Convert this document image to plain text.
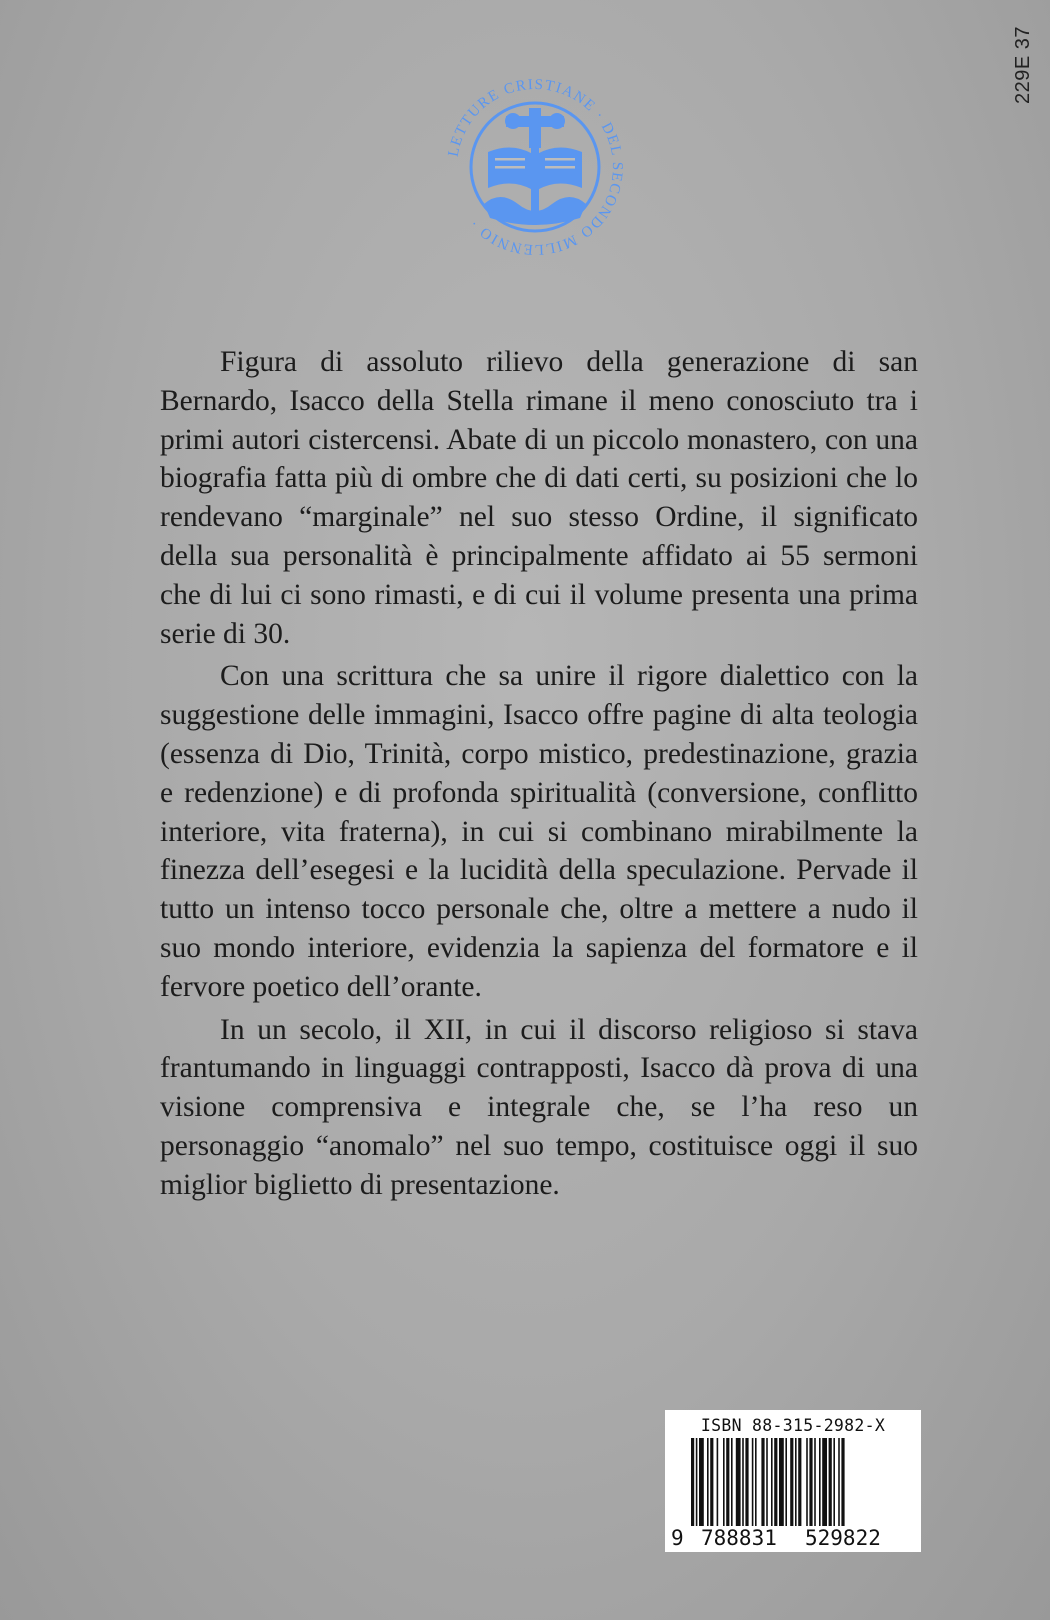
229E 37
LETTURE CRISTIANE · DEL SECONDO MILLENNIO ·

Figura di assoluto rilievo della generazione di san Bernardo, Isacco della Stella rimane il meno conosciuto tra i primi autori cistercensi. Abate di un piccolo monastero, con una biografia fatta più di ombre che di dati certi, su posizioni che lo rendevano “marginale” nel suo stesso Ordine, il significato della sua personalità è principalmente affidato ai 55 sermoni che di lui ci sono rimasti, e di cui il volume presenta una prima serie di 30.

Con una scrittura che sa unire il rigore dialettico con la suggestione delle immagini, Isacco offre pagine di alta teologia (essenza di Dio, Trinità, corpo mistico, predestinazione, grazia e redenzione) e di profonda spiritualità (conversione, conflitto interiore, vita fraterna), in cui si combinano mirabilmente la finezza dell’esegesi e la lucidità della speculazione. Pervade il tutto un intenso tocco personale che, oltre a mettere a nudo il suo mondo interiore, evidenzia la sapienza del formatore e il fervore poetico dell’orante.

In un secolo, il XII, in cui il discorso religioso si stava frantumando in linguaggi contrapposti, Isacco dà prova di una visione comprensiva e integrale che, se l’ha reso un personaggio “anomalo” nel suo tempo, costituisce oggi il suo miglior biglietto di presentazione.

ISBN 88-315-2982-X
9 788831 529822
